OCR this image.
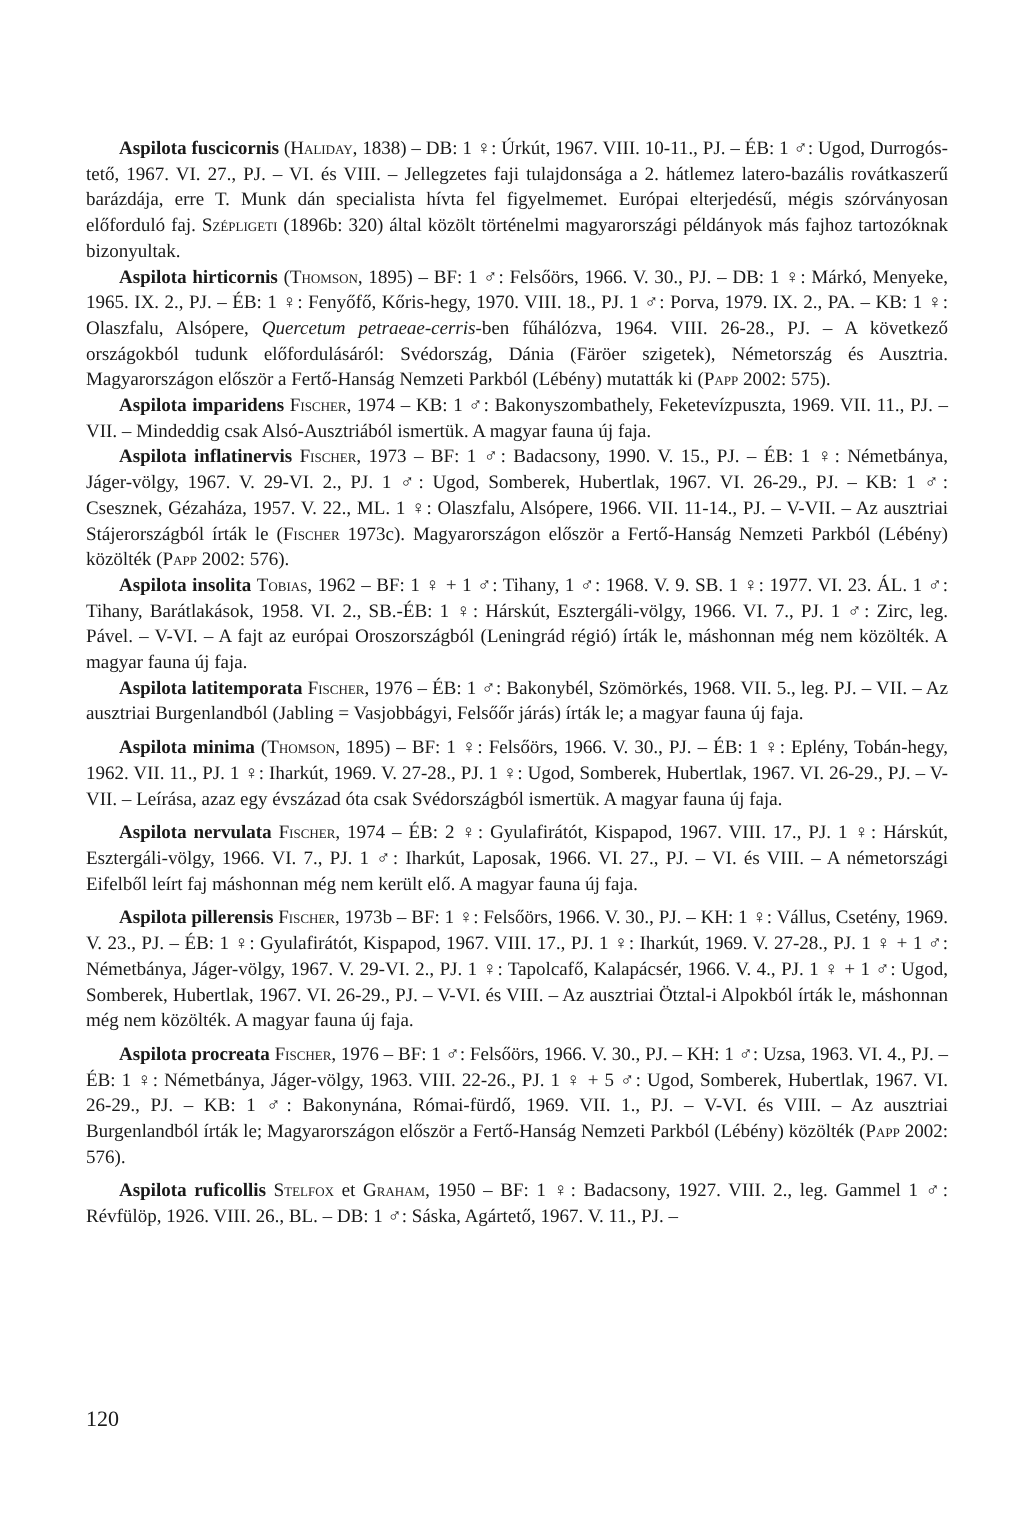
Aspilota fuscicornis (Haliday, 1838) – DB: 1 ♀: Úrkút, 1967. VIII. 10-11., PJ. – ÉB: 1 ♂: Ugod, Durrogós-tető, 1967. VI. 27., PJ. – VI. és VIII. – Jellegzetes faji tulajdonsága a 2. hátlemez latero-bazális rovátkaszerű barázdája, erre T. Munk dán specialista hívta fel figyelmemet. Európai elterjedésű, mégis szórványosan előforduló faj. Szépligeti (1896b: 320) által közölt történelmi magyarországi példányok más fajhoz tartozóknak bizonyultak.

Aspilota hirticornis (Thomson, 1895) – BF: 1 ♂: Felsőörs, 1966. V. 30., PJ. – DB: 1 ♀: Márkó, Menyeke, 1965. IX. 2., PJ. – ÉB: 1 ♀: Fenyőfő, Kőris-hegy, 1970. VIII. 18., PJ. 1 ♂: Porva, 1979. IX. 2., PA. – KB: 1 ♀: Olaszfalu, Alsópere, Quercetum petraeae-cerris-ben fűhálózva, 1964. VIII. 26-28., PJ. – A következő országokból tudunk előfordulásáról: Svédország, Dánia (Färöer szigetek), Németország és Ausztria. Magyarországon először a Fertő-Hanság Nemzeti Parkból (Lébény) mutatták ki (Papp 2002: 575).

Aspilota imparidens Fischer, 1974 – KB: 1 ♂: Bakonyszombathely, Feketevízpuszta, 1969. VII. 11., PJ. – VII. – Mindeddig csak Alsó-Ausztriából ismertük. A magyar fauna új faja.

Aspilota inflatinervis Fischer, 1973 – BF: 1 ♂: Badacsony, 1990. V. 15., PJ. – ÉB: 1 ♀: Németbánya, Jáger-völgy, 1967. V. 29-VI. 2., PJ. 1 ♂: Ugod, Somberek, Hubertlak, 1967. VI. 26-29., PJ. – KB: 1 ♂: Csesznek, Gézaháza, 1957. V. 22., ML. 1 ♀: Olaszfalu, Alsópere, 1966. VII. 11-14., PJ. – V-VII. – Az ausztriai Stájerországból írták le (Fischer 1973c). Magyarországon először a Fertő-Hanság Nemzeti Parkból (Lébény) közölték (Papp 2002: 576).

Aspilota insolita Tobias, 1962 – BF: 1 ♀ + 1 ♂: Tihany, 1 ♂: 1968. V. 9. SB. 1 ♀: 1977. VI. 23. ÁL. 1 ♂: Tihany, Barátlakások, 1958. VI. 2., SB.-ÉB: 1 ♀: Hárskút, Esztergáli-völgy, 1966. VI. 7., PJ. 1 ♂: Zirc, leg. Pável. – V-VI. – A fajt az európai Oroszországból (Leningrád régió) írták le, máshonnan még nem közölték. A magyar fauna új faja.

Aspilota latitemporata Fischer, 1976 – ÉB: 1 ♂: Bakonybél, Szömörkés, 1968. VII. 5., leg. PJ. – VII. – Az ausztriai Burgenlandból (Jabling = Vasjobbágyi, Felsőőr járás) írták le; a magyar fauna új faja.

Aspilota minima (Thomson, 1895) – BF: 1 ♀: Felsőörs, 1966. V. 30., PJ. – ÉB: 1 ♀: Eplény, Tobán-hegy, 1962. VII. 11., PJ. 1 ♀: Iharkút, 1969. V. 27-28., PJ. 1 ♀: Ugod, Somberek, Hubertlak, 1967. VI. 26-29., PJ. – V-VII. – Leírása, azaz egy évszázad óta csak Svédországból ismertük. A magyar fauna új faja.

Aspilota nervulata Fischer, 1974 – ÉB: 2 ♀: Gyulafirátót, Kispapod, 1967. VIII. 17., PJ. 1 ♀: Hárskút, Esztergáli-völgy, 1966. VI. 7., PJ. 1 ♂: Iharkút, Laposak, 1966. VI. 27., PJ. – VI. és VIII. – A németországi Eifelből leírt faj máshonnan még nem került elő. A magyar fauna új faja.

Aspilota pillerensis Fischer, 1973b – BF: 1 ♀: Felsőörs, 1966. V. 30., PJ. – KH: 1 ♀: Vállus, Csetény, 1969. V. 23., PJ. – ÉB: 1 ♀: Gyulafirátót, Kispapod, 1967. VIII. 17., PJ. 1 ♀: Iharkút, 1969. V. 27-28., PJ. 1 ♀ + 1 ♂: Németbánya, Jáger-völgy, 1967. V. 29-VI. 2., PJ. 1 ♀: Tapolcafő, Kalapácsér, 1966. V. 4., PJ. 1 ♀ + 1 ♂: Ugod, Somberek, Hubertlak, 1967. VI. 26-29., PJ. – V-VI. és VIII. – Az ausztriai Ötztal-i Alpokból írták le, máshonnan még nem közölték. A magyar fauna új faja.

Aspilota procreata Fischer, 1976 – BF: 1 ♂: Felsőörs, 1966. V. 30., PJ. – KH: 1 ♂: Uzsa, 1963. VI. 4., PJ. – ÉB: 1 ♀: Németbánya, Jáger-völgy, 1963. VIII. 22-26., PJ. 1 ♀ + 5 ♂: Ugod, Somberek, Hubertlak, 1967. VI. 26-29., PJ. – KB: 1 ♂: Bakonynána, Római-fürdő, 1969. VII. 1., PJ. – V-VI. és VIII. – Az ausztriai Burgenlandból írták le; Magyarországon először a Fertő-Hanság Nemzeti Parkból (Lébény) közölték (Papp 2002: 576).

Aspilota ruficollis Stelfox et Graham, 1950 – BF: 1 ♀: Badacsony, 1927. VIII. 2., leg. Gammel 1 ♂: Révfülöp, 1926. VIII. 26., BL. – DB: 1 ♂: Sáska, Agártető, 1967. V. 11., PJ. –

120
